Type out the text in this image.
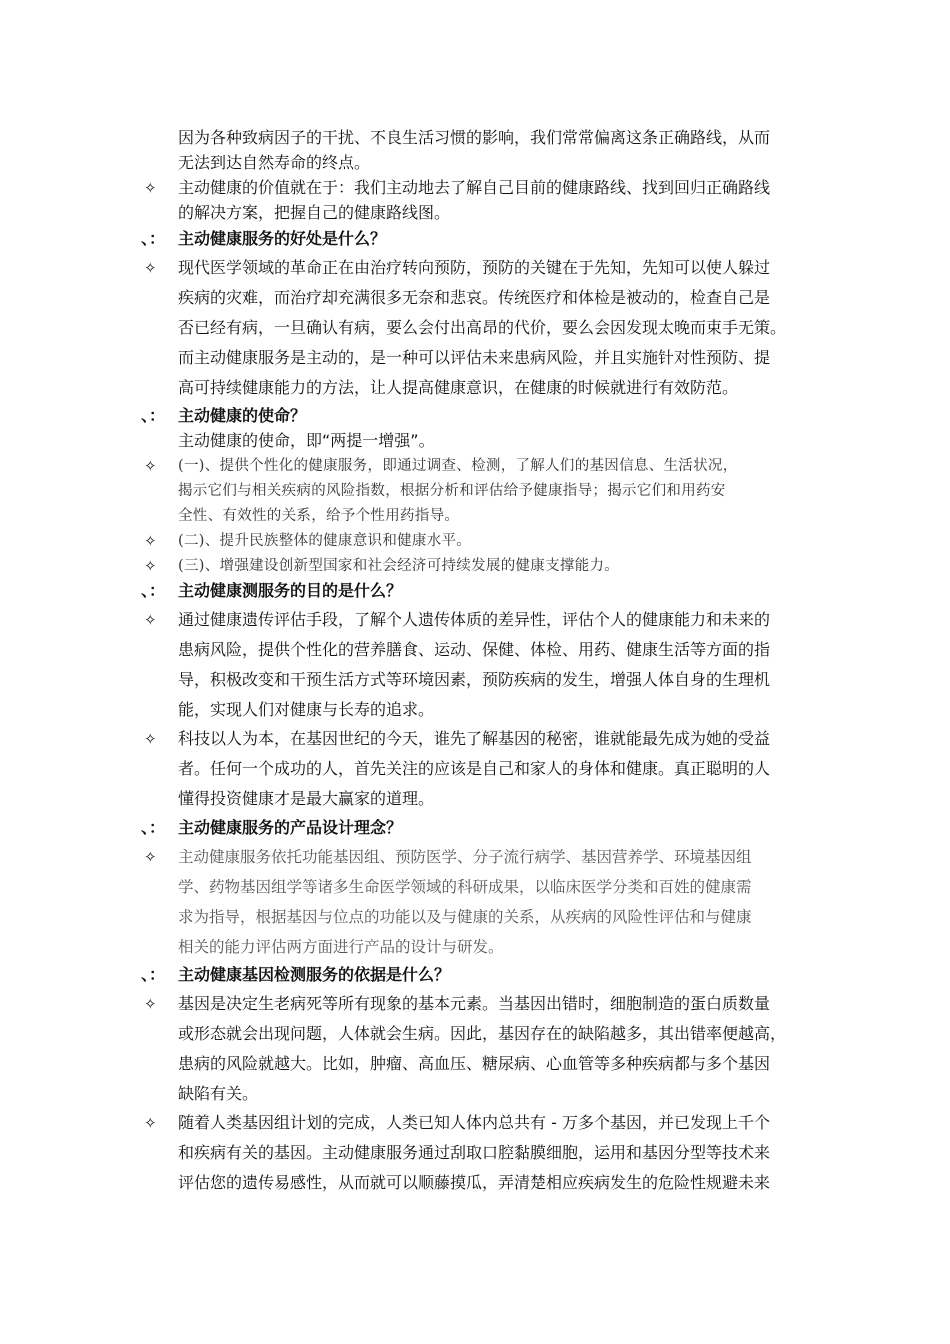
因为各种致病因子的干扰、不良生活习惯的影响，我们常常偏离这条正确路线，从而
无法到达自然寿命的终点。
✧	主动健康的价值就在于：我们主动地去了解自己目前的健康路线、找到回归正确路线
的解决方案，把握自己的健康路线图。
、： 主动健康服务的好处是什么？
✧	现代医学领域的革命正在由治疗转向预防，预防的关键在于先知，先知可以使人躲过
疾病的灾难，而治疗却充满很多无奈和悲哀。传统医疗和体检是被动的，检查自己是
否已经有病，一旦确认有病，要么会付出高昂的代价，要么会因发现太晚而束手无策。
而主动健康服务是主动的，是一种可以评估未来患病风险，并且实施针对性预防、提
高可持续健康能力的方法，让人提高健康意识，在健康的时候就进行有效防范。
、： 主动健康的使命？
主动健康的使命，即“两提一增强”。
✧	(一)、提供个性化的健康服务，即通过调查、检测，了解人们的基因信息、生活状况，
揭示它们与相关疾病的风险指数，根据分析和评估给予健康指导；揭示它们和用药安
全性、有效性的关系，给予个性用药指导。
✧	(二)、提升民族整体的健康意识和健康水平。
✧	(三)、增强建设创新型国家和社会经济可持续发展的健康支撑能力。
、： 主动健康测服务的目的是什么？
✧	通过健康遗传评估手段，了解个人遗传体质的差异性，评估个人的健康能力和未来的
患病风险，提供个性化的营养膳食、运动、保健、体检、用药、健康生活等方面的指
导，积极改变和干预生活方式等环境因素，预防疾病的发生，增强人体自身的生理机
能，实现人们对健康与长寿的追求。
✧	科技以人为本，在基因世纪的今天，谁先了解基因的秘密，谁就能最先成为她的受益
者。任何一个成功的人，首先关注的应该是自己和家人的身体和健康。真正聪明的人
懂得投资健康才是最大赢家的道理。
、： 主动健康服务的产品设计理念？
✧	主动健康服务依托功能基因组、预防医学、分子流行病学、基因营养学、环境基因组
学、药物基因组学等诸多生命医学领域的科研成果，以临床医学分类和百姓的健康需
求为指导，根据基因与位点的功能以及与健康的关系，从疾病的风险性评估和与健康
相关的能力评估两方面进行产品的设计与研发。
、： 主动健康基因检测服务的依据是什么？
✧	基因是决定生老病死等所有现象的基本元素。当基因出错时，细胞制造的蛋白质数量
或形态就会出现问题，人体就会生病。因此，基因存在的缺陷越多，其出错率便越高，
患病的风险就越大。比如，肿瘤、高血压、糖尿病、心血管等多种疾病都与多个基因
缺陷有关。
✧	随着人类基因组计划的完成，人类已知人体内总共有 - 万多个基因，并已发现上千个
和疾病有关的基因。主动健康服务通过刮取口腔黏膜细胞，运用和基因分型等技术来
评估您的遗传易感性，从而就可以顺藤摸瓜，弄清楚相应疾病发生的危险性规避未来
